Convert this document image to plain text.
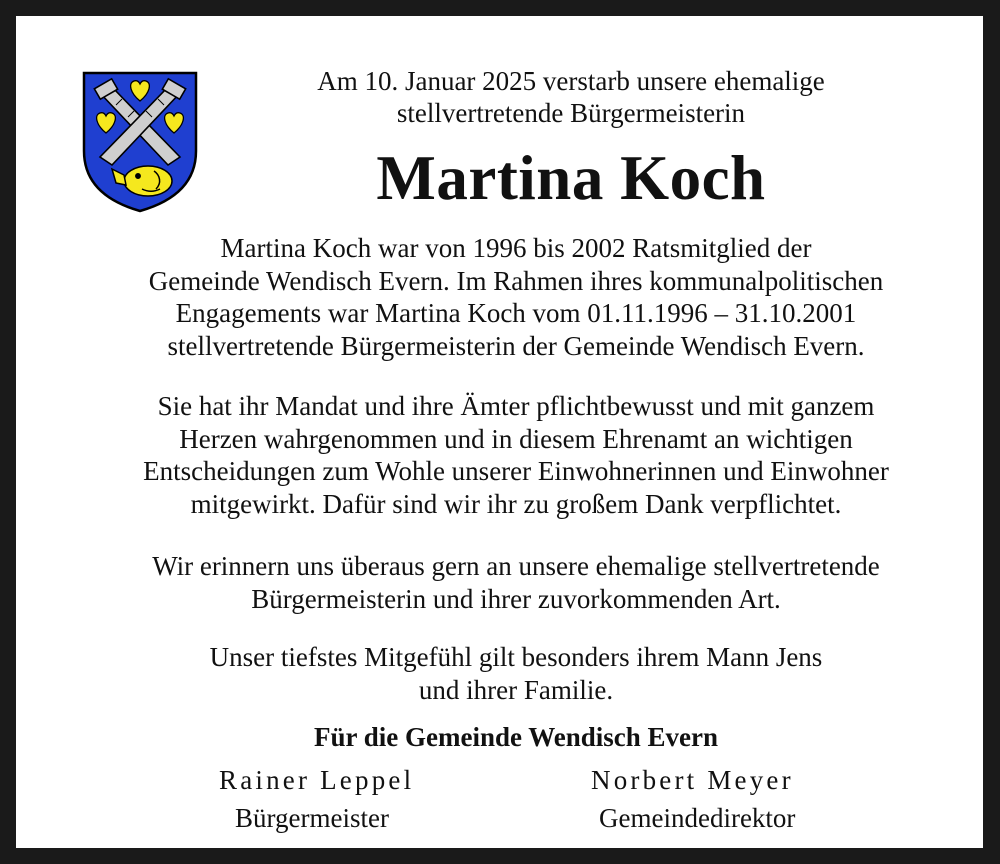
Am 10. Januar 2025 verstarb unsere ehemalige
stellvertretende Bürgermeisterin
Martina Koch
Martina Koch war von 1996 bis 2002 Ratsmitglied der
Gemeinde Wendisch Evern. Im Rahmen ihres kommunalpolitischen
Engagements war Martina Koch vom 01.11.1996 – 31.10.2001
stellvertretende Bürgermeisterin der Gemeinde Wendisch Evern.
Sie hat ihr Mandat und ihre Ämter pflichtbewusst und mit ganzem
Herzen wahrgenommen und in diesem Ehrenamt an wichtigen
Entscheidungen zum Wohle unserer Einwohnerinnen und Einwohner
mitgewirkt. Dafür sind wir ihr zu großem Dank verpflichtet.
Wir erinnern uns überaus gern an unsere ehemalige stellvertretende
Bürgermeisterin und ihrer zuvorkommenden Art.
Unser tiefstes Mitgefühl gilt besonders ihrem Mann Jens
und ihrer Familie.
Für die Gemeinde Wendisch Evern
Rainer Leppel	Norbert Meyer
Bürgermeister	Gemeindedirektor
